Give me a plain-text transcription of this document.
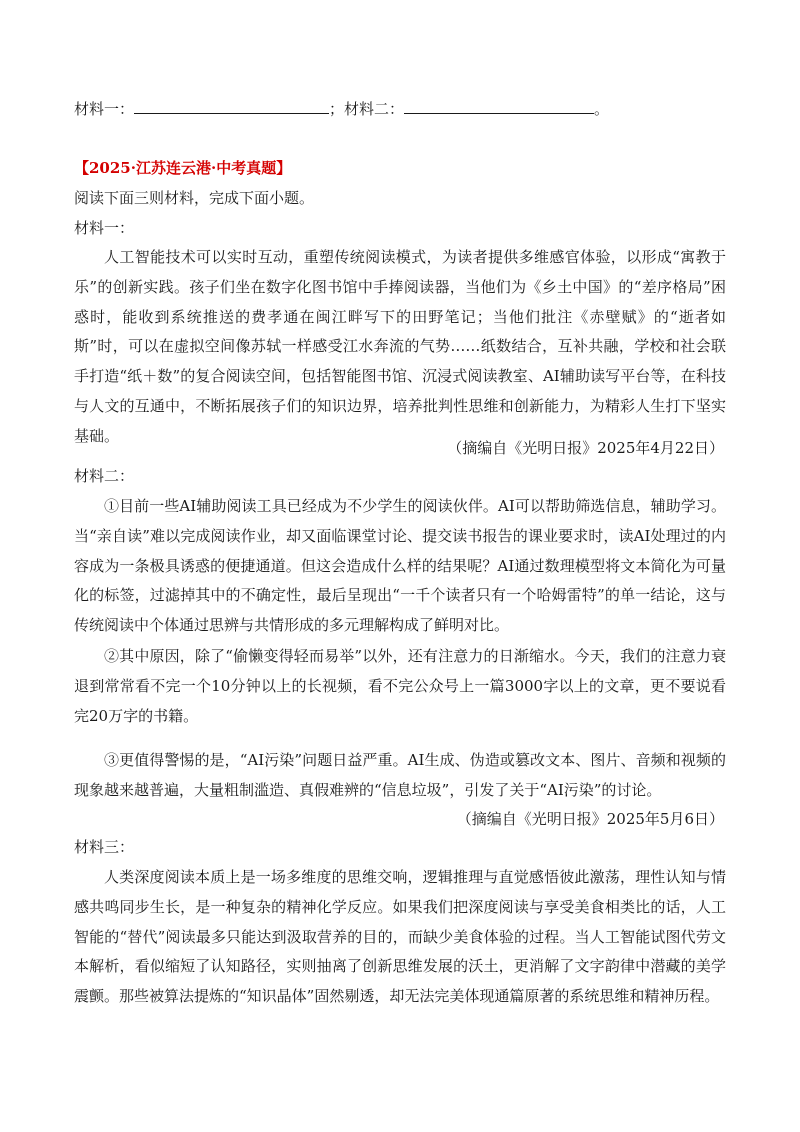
材料一：	；材料二：	。
【2025·江苏连云港·中考真题】
阅读下面三则材料，完成下面小题。
材料一：

人工智能技术可以实时互动，重塑传统阅读模式，为读者提供多维感官体验，以形成“寓教于乐”的创新实践。孩子们坐在数字化图书馆中手捧阅读器，当他们为《乡土中国》的“差序格局”困惑时，能收到系统推送的费孝通在闽江畔写下的田野笔记；当他们批注《赤壁赋》的“逝者如斯”时，可以在虚拟空间像苏轼一样感受江水奔流的气势……纸数结合，互补共融，学校和社会联手打造“纸＋数”的复合阅读空间，包括智能图书馆、沉浸式阅读教室、AI辅助读写平台等，在科技与人文的互通中，不断拓展孩子们的知识边界，培养批判性思维和创新能力，为精彩人生打下坚实基础。

（摘编自《光明日报》2025年4月22日）
材料二：

①目前一些AI辅助阅读工具已经成为不少学生的阅读伙伴。AI可以帮助筛选信息，辅助学习。当“亲自读”难以完成阅读作业，却又面临课堂讨论、提交读书报告的课业要求时，读AI处理过的内容成为一条极具诱惑的便捷通道。但这会造成什么样的结果呢？AI通过数理模型将文本简化为可量化的标签，过滤掉其中的不确定性，最后呈现出“一千个读者只有一个哈姆雷特”的单一结论，这与传统阅读中个体通过思辨与共情形成的多元理解构成了鲜明对比。

②其中原因，除了“偷懒变得轻而易举”以外，还有注意力的日渐缩水。今天，我们的注意力衰退到常常看不完一个10分钟以上的长视频，看不完公众号上一篇3000字以上的文章，更不要说看完20万字的书籍。

③更值得警惕的是，“AI污染”问题日益严重。AI生成、伪造或篡改文本、图片、音频和视频的现象越来越普遍，大量粗制滥造、真假难辨的“信息垃圾”，引发了关于“AI污染”的讨论。

（摘编自《光明日报》2025年5月6日）
材料三：

人类深度阅读本质上是一场多维度的思维交响，逻辑推理与直觉感悟彼此激荡，理性认知与情感共鸣同步生长，是一种复杂的精神化学反应。如果我们把深度阅读与享受美食相类比的话，人工智能的“替代”阅读最多只能达到汲取营养的目的，而缺少美食体验的过程。当人工智能试图代劳文本解析，看似缩短了认知路径，实则抽离了创新思维发展的沃土，更消解了文字韵律中潜藏的美学震颤。那些被算法提炼的“知识晶体”固然剔透，却无法完美体现通篇原著的系统思维和精神历程。
